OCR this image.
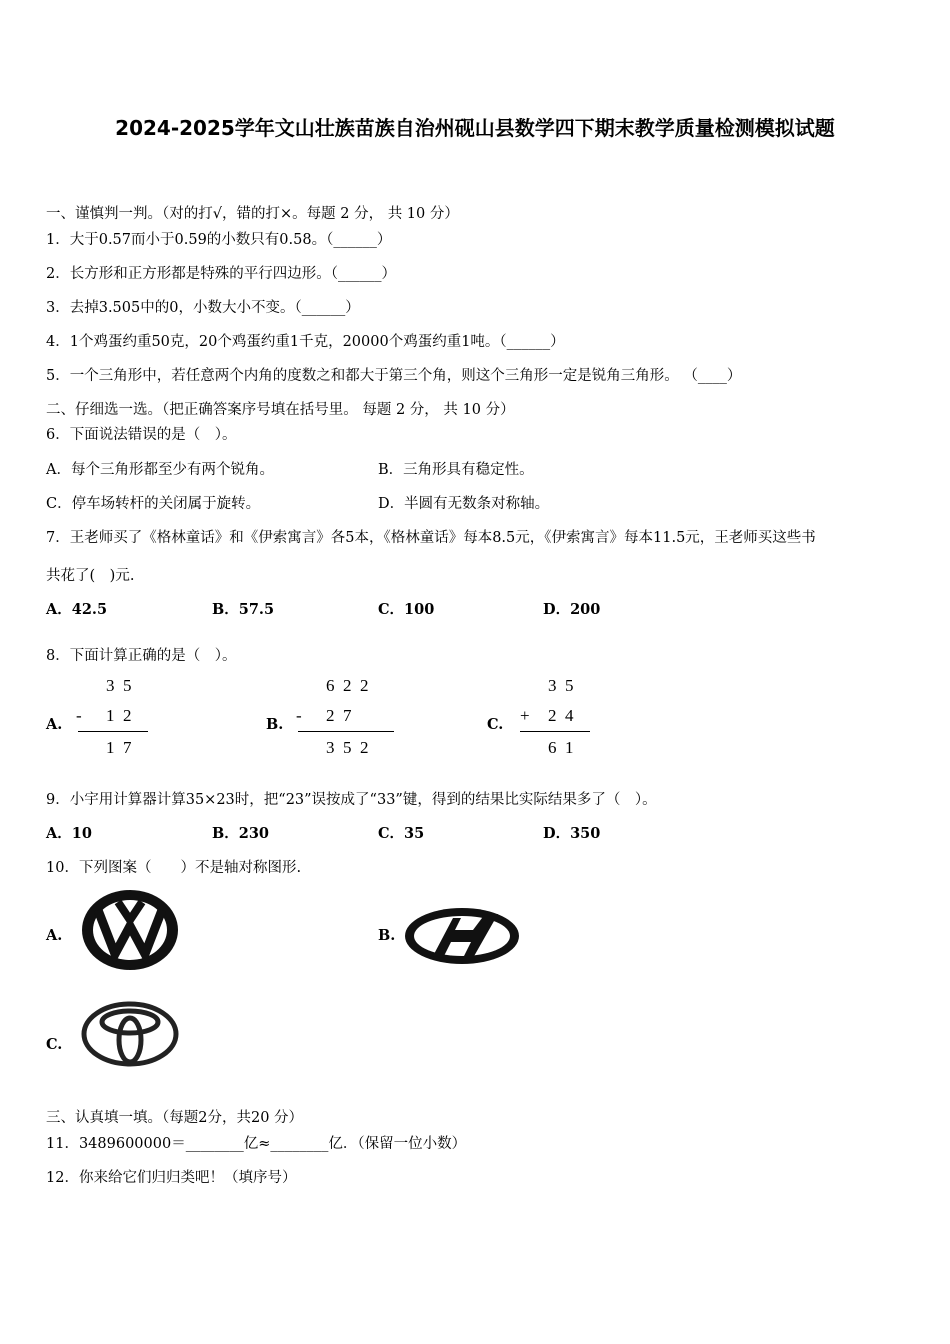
2024-2025学年文山壮族苗族自治州砚山县数学四下期末教学质量检测模拟试题
一、谨慎判一判。（对的打√，错的打×。每题 2 分， 共 10 分）
1．大于0.57而小于0.59的小数只有0.58。（______）
2．长方形和正方形都是特殊的平行四边形。（______）
3．去掉3.505中的0，小数大小不变。（______）
4．1个鸡蛋约重50克，20个鸡蛋约重1千克，20000个鸡蛋约重1吨。（______）
5．一个三角形中，若任意两个内角的度数之和都大于第三个角，则这个三角形一定是锐角三角形。 （____）
二、仔细选一选。（把正确答案序号填在括号里。 每题 2 分， 共 10 分）
6．下面说法错误的是（　）。
A．每个三角形都至少有两个锐角。	B．三角形具有稳定性。
C．停车场转杆的关闭属于旋转。	D．半圆有无数条对称轴。
7．王老师买了《格林童话》和《伊索寓言》各5本，《格林童话》每本8.5元，《伊索寓言》每本11.5元，王老师买这些书
共花了(　)元.
A．42.5	B．57.5	C．100	D．200
8．下面计算正确的是（　）。
A.
3  5
- 1  2
1  7
B.
6  2  2
- 2  7
3  5  2
C.
3  5
+ 2  4
6  1
9．小宇用计算器计算35×23时，把“23”误按成了“33”键，得到的结果比实际结果多了（　）。
A．10	B．230	C．35	D．350
10．下列图案（　　）不是轴对称图形.
A.	B.
C.
三、认真填一填。（每题2分，共20 分）
11．3489600000＝________亿≈________亿．（保留一位小数）
12．你来给它们归归类吧！（填序号）
